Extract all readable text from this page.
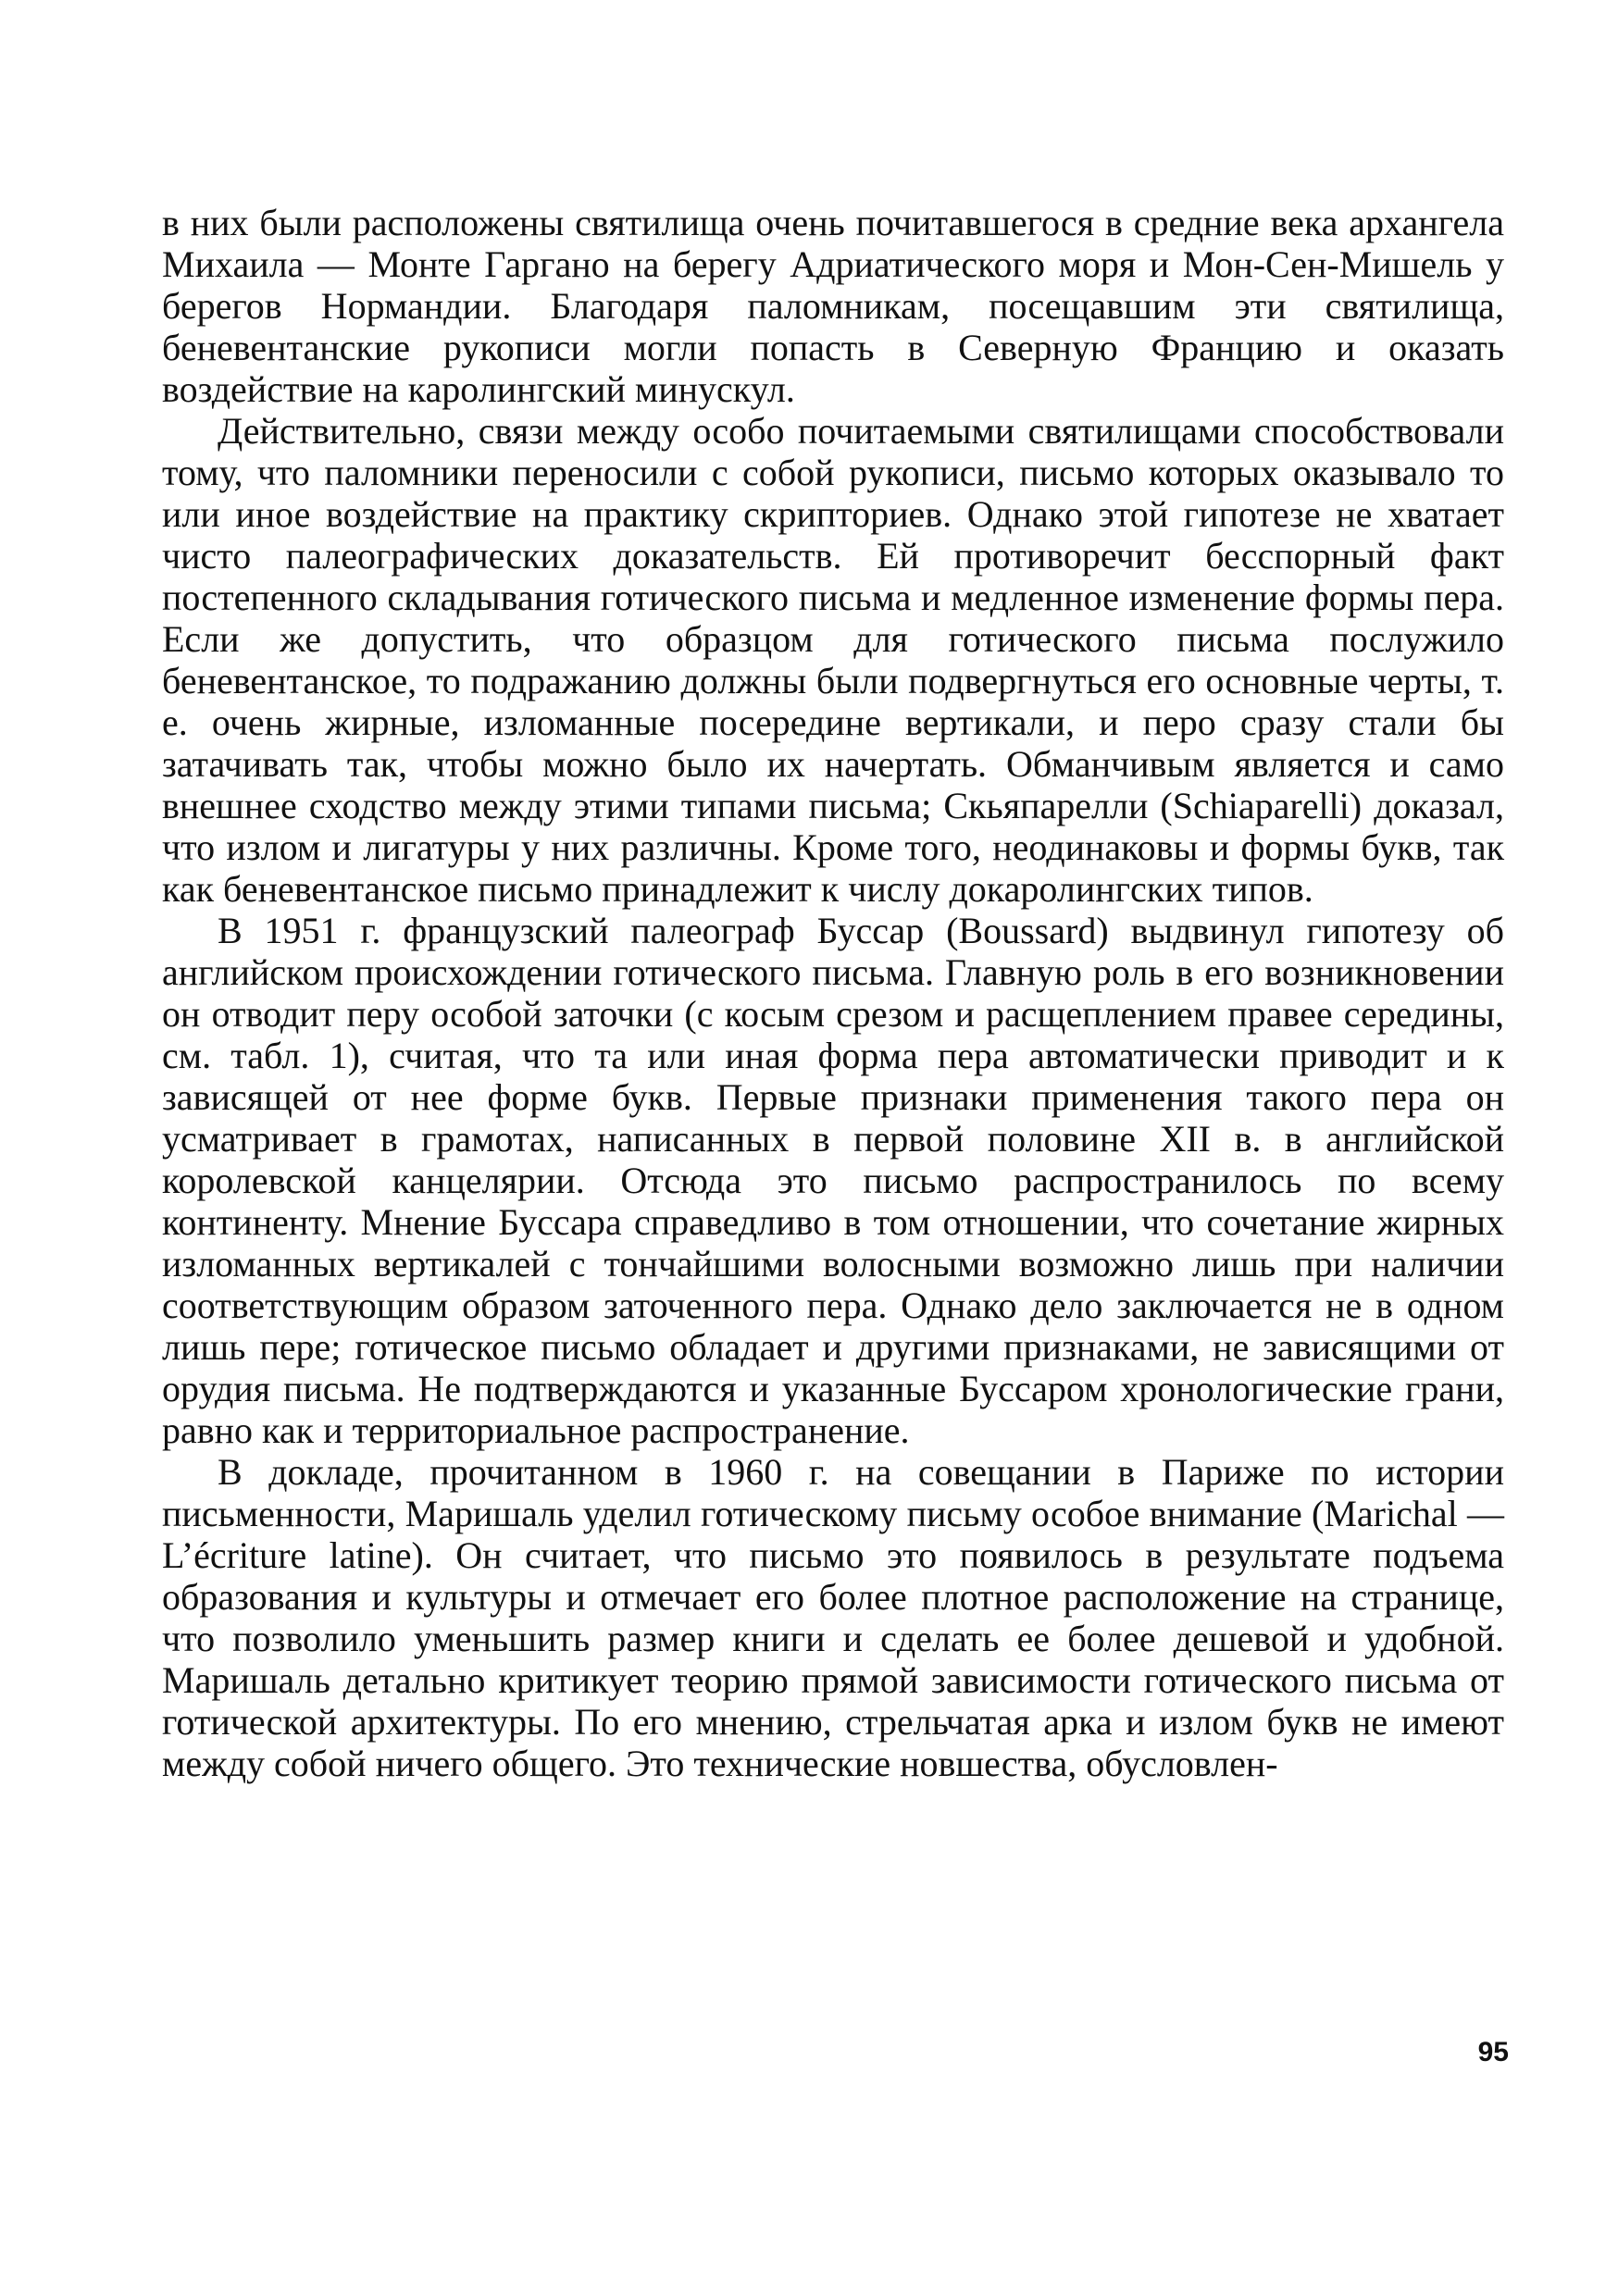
в них были расположены святилища очень почитавшегося в средние века архангела Михаила — Монте Гаргано на берегу Адриатического моря и Мон-Сен-Мишель у берегов Нормандии. Благодаря паломникам, посещавшим эти святилища, беневентанские рукописи могли попасть в Северную Францию и оказать воздействие на каролингский минускул.

Действительно, связи между особо почитаемыми святилищами способствовали тому, что паломники переносили с собой рукописи, письмо которых оказывало то или иное воздействие на практику скрипториев. Однако этой гипотезе не хватает чисто палеографических доказательств. Ей противоречит бесспорный факт постепенного складывания готического письма и медленное изменение формы пера. Если же допустить, что образцом для готического письма послужило беневентанское, то подражанию должны были подвергнуться его основные черты, т. е. очень жирные, изломанные посередине вертикали, и перо сразу стали бы затачивать так, чтобы можно было их начертать. Обманчивым является и само внешнее сходство между этими типами письма; Скьяпарелли (Schiaparelli) доказал, что излом и лигатуры у них различны. Кроме того, неодинаковы и формы букв, так как беневентанское письмо принадлежит к числу докаролингских типов.

В 1951 г. французский палеограф Буссар (Boussard) выдвинул гипотезу об английском происхождении готического письма. Главную роль в его возникновении он отводит перу особой заточки (с косым срезом и расщеплением правее середины, см. табл. 1), считая, что та или иная форма пера автоматически приводит и к зависящей от нее форме букв. Первые признаки применения такого пера он усматривает в грамотах, написанных в первой половине XII в. в английской королевской канцелярии. Отсюда это письмо распространилось по всему континенту. Мнение Буссара справедливо в том отношении, что сочетание жирных изломанных вертикалей с тончайшими волосными возможно лишь при наличии соответствующим образом заточенного пера. Однако дело заключается не в одном лишь пере; готическое письмо обладает и другими признаками, не зависящими от орудия письма. Не подтверждаются и указанные Буссаром хронологические грани, равно как и территориальное распространение.

В докладе, прочитанном в 1960 г. на совещании в Париже по истории письменности, Маришаль уделил готическому письму особое внимание (Marichal — L’écriture latine). Он считает, что письмо это появилось в результате подъема образования и культуры и отмечает его более плотное расположение на странице, что позволило уменьшить размер книги и сделать ее более дешевой и удобной. Маришаль детально критикует теорию прямой зависимости готического письма от готической архитектуры. По его мнению, стрельчатая арка и излом букв не имеют между собой ничего общего. Это технические новшества, обусловлен-

95
